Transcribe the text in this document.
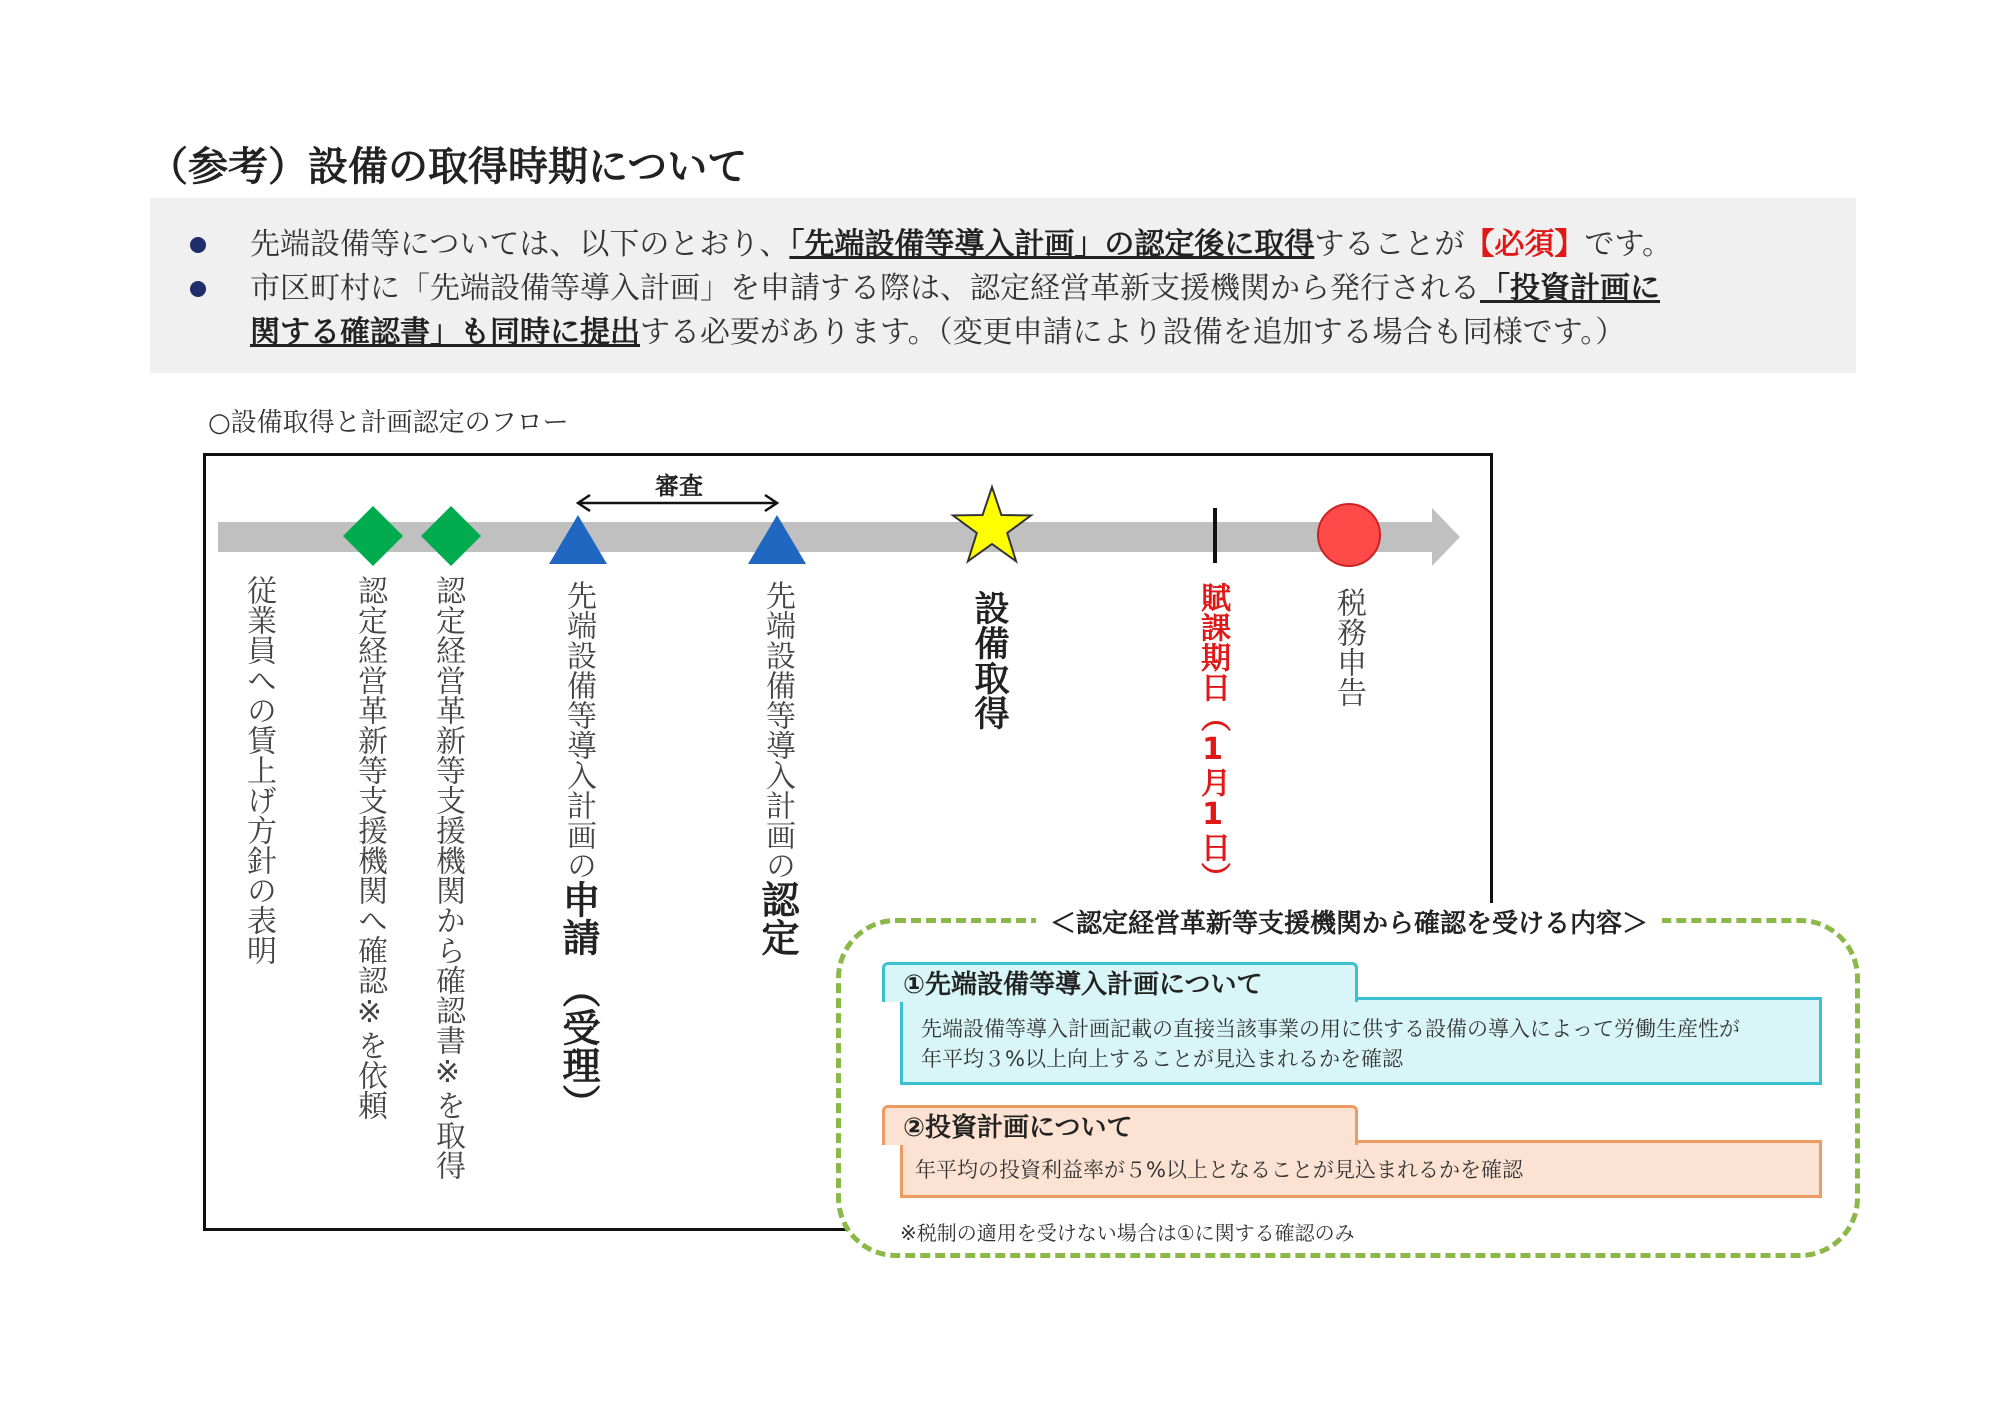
（参考）設備の取得時期について
先端設備等については、以下のとおり、「先端設備等導入計画」の認定後に取得することが【必須】です。
市区町村に「先端設備等導入計画」を申請する際は、認定経営革新支援機関から発行される「投資計画に
関する確認書」も同時に提出する必要があります。（変更申請により設備を追加する場合も同様です。）
○設備取得と計画認定のフロー
審査
従業員への賃上げ方針の表明	認定経営革新等支援機関へ確認※を依頼 認定経営革新等支援機関から確認書※を取得	先端設備等導入計画の申請（受理）
先端設備等導入計画の認定
設備取得	賦課期日（1月1日）	税務申告
＜認定経営革新等支援機関から確認を受ける内容＞
先端設備等導入計画記載の直接当該事業の用に供する設備の導入によって労働生産性が
年平均３%以上向上することが見込まれるかを確認
①先端設備等導入計画について
年平均の投資利益率が５%以上となることが見込まれるかを確認
②投資計画について
※税制の適用を受けない場合は①に関する確認のみ
